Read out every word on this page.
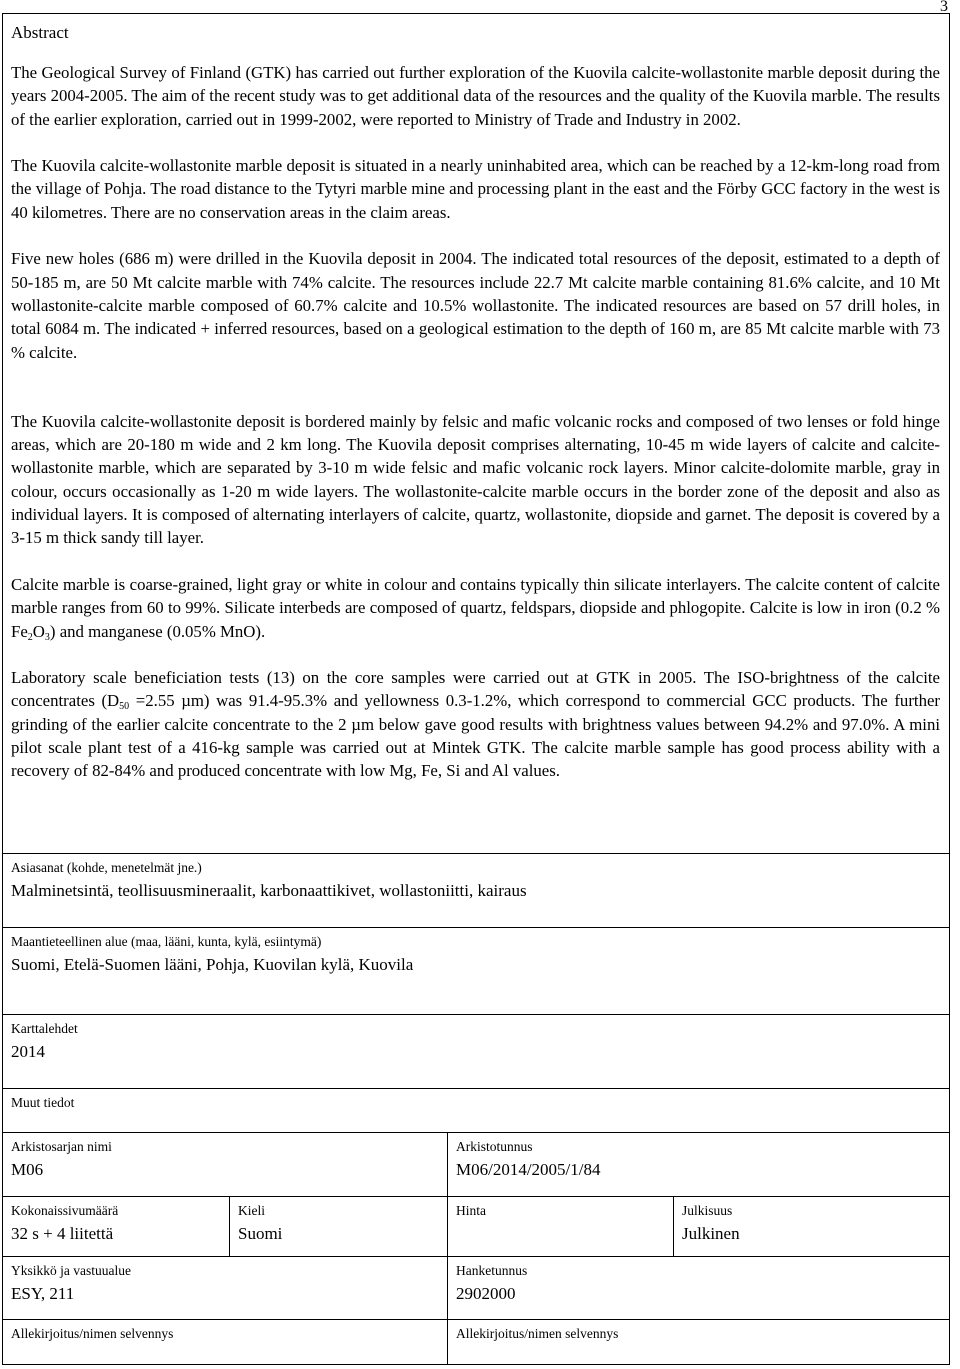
3
Abstract

The Geological Survey of Finland (GTK) has carried out further exploration of the Kuovila calcite-wollastonite marble deposit during the years 2004-2005. The aim of the recent study was to get additional data of the resources and the quality of the Kuovila marble. The results of the earlier exploration, carried out in 1999-2002, were reported to Ministry of Trade and Industry in 2002.

The Kuovila calcite-wollastonite marble deposit is situated in a nearly uninhabited area, which can be reached by a 12-km-long road from the village of Pohja. The road distance to the Tytyri marble mine and processing plant in the east and the Förby GCC factory in the west is 40 kilometres. There are no conservation areas in the claim areas.

Five new holes (686 m) were drilled in the Kuovila deposit in 2004. The indicated total resources of the deposit, estimated to a depth of 50-185 m, are 50 Mt calcite marble with 74% calcite. The resources include 22.7 Mt calcite marble containing 81.6% calcite, and 10 Mt wollastonite-calcite marble composed of 60.7% calcite and 10.5% wollastonite. The indicated resources are based on 57 drill holes, in total 6084 m. The indicated + inferred resources, based on a geological estimation to the depth of 160 m, are 85 Mt calcite marble with 73 % calcite.

The Kuovila calcite-wollastonite deposit is bordered mainly by felsic and mafic volcanic rocks and composed of two lenses or fold hinge areas, which are 20-180 m wide and 2 km long. The Kuovila deposit comprises alternating, 10-45 m wide layers of calcite and calcite-wollastonite marble, which are separated by 3-10 m wide felsic and mafic volcanic rock layers. Minor calcite-dolomite marble, gray in colour, occurs occasionally as 1-20 m wide layers. The wollastonite-calcite marble occurs in the border zone of the deposit and also as individual layers. It is composed of alternating interlayers of calcite, quartz, wollastonite, diopside and garnet. The deposit is covered by a 3-15 m thick sandy till layer.

Calcite marble is coarse-grained, light gray or white in colour and contains typically thin silicate interlayers. The calcite content of calcite marble ranges from 60 to 99%. Silicate interbeds are composed of quartz, feldspars, diopside and phlogopite. Calcite is low in iron (0.2 % $Fe_2O_3$) and manganese (0.05% MnO).

Laboratory scale beneficiation tests (13) on the core samples were carried out at GTK in 2005. The ISO-brightness of the calcite concentrates ($D_{50} =2.55$ µm) was 91.4-95.3% and yellowness 0.3-1.2%, which correspond to commercial GCC products. The further grinding of the earlier calcite concentrate to the 2 µm below gave good results with brightness values between 94.2% and 97.0%. A mini pilot scale plant test of a 416-kg sample was carried out at Mintek GTK. The calcite marble sample has good process ability with a recovery of 82-84% and produced concentrate with low Mg, Fe, Si and Al values.

Asiasanat (kohde, menetelmät jne.)
Malminetsintä, teollisuusmineraalit, karbonaattikivet, wollastoniitti, kairaus
Maantieteellinen alue (maa, lääni, kunta, kylä, esiintymä)
Suomi, Etelä-Suomen lääni, Pohja, Kuovilan kylä, Kuovila
Karttalehdet
2014
Muut tiedot
Arkistosarjan nimi
M06
Arkistotunnus
M06/2014/2005/1/84
Kokonaissivumäärä
32 s + 4 liitettä
Kieli
Suomi
Hinta	Julkisuus
Julkinen
Yksikkö ja vastuualue
ESY, 211
Hanketunnus
2902000
Allekirjoitus/nimen selvennys	Allekirjoitus/nimen selvennys
